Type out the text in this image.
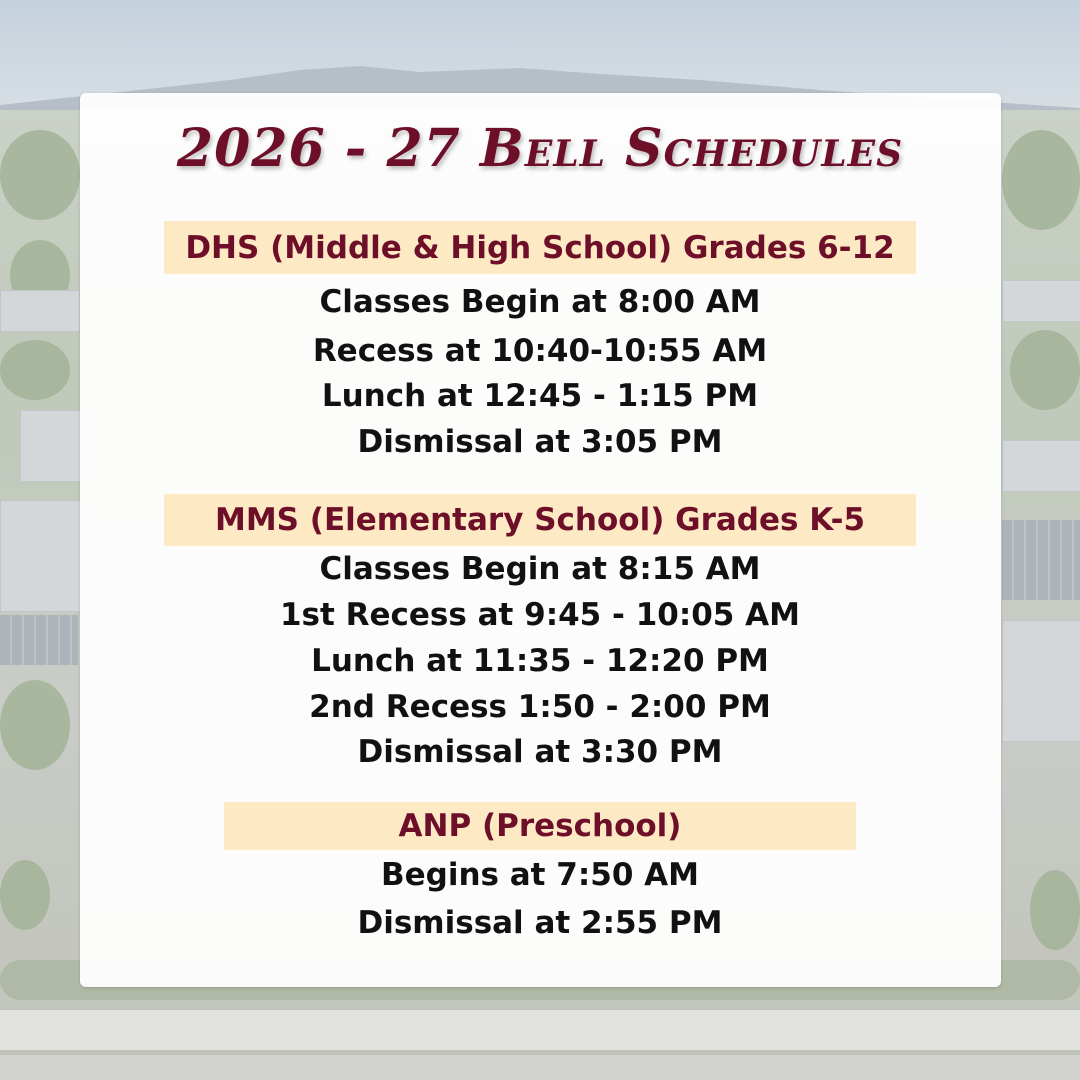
2026 - 27 Bell Schedules
DHS (Middle & High School) Grades 6-12
Classes Begin at 8:00 AM
Recess at 10:40-10:55 AM
Lunch at 12:45 - 1:15 PM
Dismissal at 3:05 PM
MMS (Elementary School) Grades K-5
Classes Begin at 8:15 AM
1st Recess at 9:45 - 10:05 AM
Lunch at 11:35 - 12:20 PM
2nd Recess 1:50 - 2:00 PM
Dismissal at 3:30 PM
ANP (Preschool)
Begins at 7:50 AM
Dismissal at 2:55 PM
